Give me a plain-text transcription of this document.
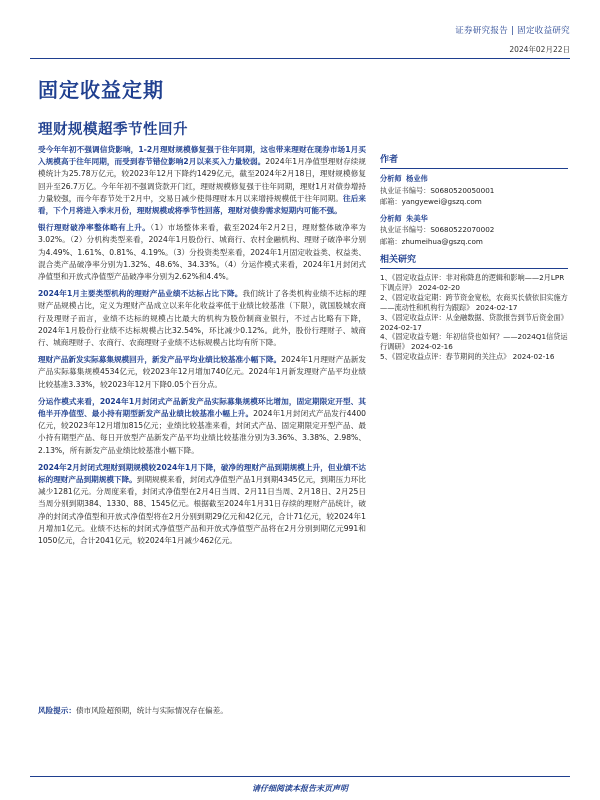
证券研究报告 | 固定收益研究
2024年02月22日
固定收益定期
理财规模超季节性回升

受今年年初不强调信贷影响，1-2月理财规模修复强于往年同期，这也带来理财在现券市场1月买入规模高于往年同期，而受到春节错位影响2月以来买入力量较弱。2024年1月净值型理财存续规模统计为25.78万亿元，较2023年12月下降约1429亿元，截至2024年2月18日，理财规模修复回升至26.7万亿。今年年初不强调贷款开门红，理财规模修复强于往年同期，理财1月对债券增持力量较强，而今年春节处于2月中，交易日减少使得理财本月以来增持规模低于往年同期。往后来看，下个月将进入季末月份，理财规模或将季节性回落，理财对债券需求短期内可能不强。

银行理财破净率整体略有上升。（1）市场整体来看，截至2024年2月2日，理财整体破净率为3.02%。（2）分机构类型来看，2024年1月股份行、城商行、农村金融机构、理财子破净率分别为4.49%、1.61%、0.81%、4.19%。（3）分投资类型来看，2024年1月固定收益类、权益类、混合类产品破净率分别为1.32%、48.6%、34.33%。（4）分运作模式来看，2024年1月封闭式净值型和开放式净值型产品破净率分别为2.62%和4.4%。

2024年1月主要类型机构的理财产品业绩不达标占比下降。我们统计了各类机构业绩不达标的理财产品规模占比，定义为理财产品成立以来年化收益率低于业绩比较基准（下限），就国股城农商行及理财子而言，业绩不达标的规模占比最大的机构为股份制商业银行，不过占比略有下降，2024年1月股份行业绩不达标规模占比32.54%，环比减少0.12%。此外，股份行理财子、城商行、城商理财子、农商行、农商理财子业绩不达标规模占比均有所下降。

理财产品新发实际募集规模回升，新发产品平均业绩比较基准小幅下降。2024年1月理财产品新发产品实际募集规模4534亿元，较2023年12月增加740亿元。2024年1月新发理财产品平均业绩比较基准3.33%，较2023年12月下降0.05个百分点。

分运作模式来看，2024年1月封闭式产品新发产品实际募集规模环比增加，固定期限定开型、其他半开净值型、最小持有期型新发产品业绩比较基准小幅上升。2024年1月封闭式产品发行4400亿元，较2023年12月增加815亿元；业绩比较基准来看，封闭式产品、固定期限定开型产品、最小持有期型产品、每日开放型产品新发产品平均业绩比较基准分别为3.36%、3.38%、2.98%、2.13%，所有新发产品业绩比较基准小幅下降。

2024年2月封闭式理财到期规模较2024年1月下降，破净的理财产品到期规模上升，但业绩不达标的理财产品到期规模下降。到期规模来看，封闭式净值型产品1月到期4345亿元，到期压力环比减少1281亿元。分周度来看，封闭式净值型在2月4日当周、2月11日当周、2月18日、2月25日当周分别到期384、1330、88、1545亿元。根据截至2024年1月31日存续的理财产品统计，破净的封闭式净值型和开放式净值型将在2月分别到期29亿元和42亿元，合计71亿元，较2024年1月增加1亿元。业绩不达标的封闭式净值型产品和开放式净值型产品将在2月分别到期亿元991和1050亿元，合计2041亿元，较2024年1月减少462亿元。

风险提示：债市风险超预期，统计与实际情况存在偏差。
作者
分析师 杨业伟
执业证书编号：S0680520050001
邮箱：yangyewei@gszq.com
分析师 朱美华
执业证书编号：S0680522070002
邮箱：zhumeihua@gszq.com
相关研究
1、《固定收益点评：非对称降息的逻辑和影响——2月LPR下调点评》 2024-02-20
2、《固定收益定期：跨节资金宽松，农商买长债依旧实施方——流动性和机构行为跟踪》 2024-02-17
3、《固定收益点评：从金融数据、贷款报告到节后资金面》 2024-02-17
4、《固定收益专题：年初信贷也如何？——2024Q1信贷运行调研》 2024-02-16
5、《固定收益点评：春节期间的关注点》 2024-02-16
请仔细阅读本报告末页声明
